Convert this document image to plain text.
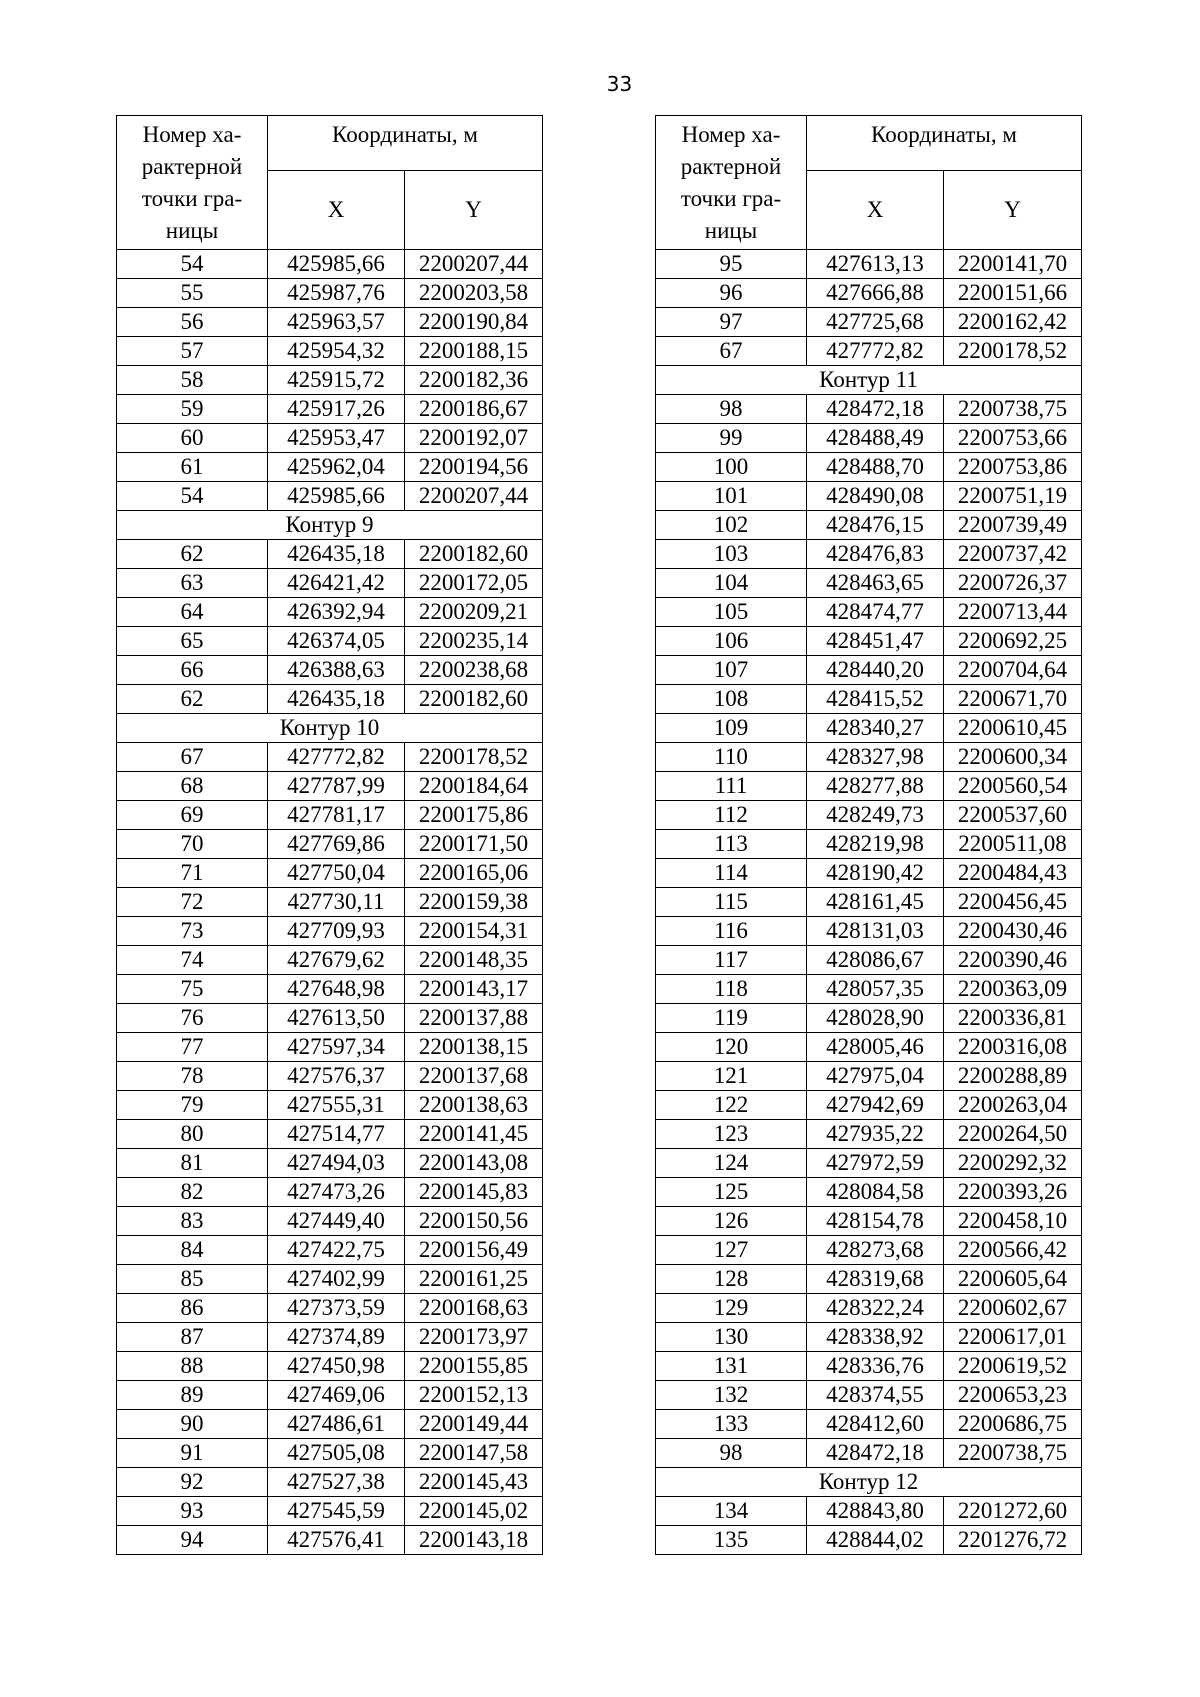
33
Номер ха-рактерной точки гра-ницы	Координаты, м	
	X	Y
54	425985,66	2200207,44
55	425987,76	2200203,58
56	425963,57	2200190,84
57	425954,32	2200188,15
58	425915,72	2200182,36
59	425917,26	2200186,67
60	425953,47	2200192,07
61	425962,04	2200194,56
54	425985,66	2200207,44
Контур 9		
62	426435,18	2200182,60
63	426421,42	2200172,05
64	426392,94	2200209,21
65	426374,05	2200235,14
66	426388,63	2200238,68
62	426435,18	2200182,60
Контур 10		
67	427772,82	2200178,52
68	427787,99	2200184,64
69	427781,17	2200175,86
70	427769,86	2200171,50
71	427750,04	2200165,06
72	427730,11	2200159,38
73	427709,93	2200154,31
74	427679,62	2200148,35
75	427648,98	2200143,17
76	427613,50	2200137,88
77	427597,34	2200138,15
78	427576,37	2200137,68
79	427555,31	2200138,63
80	427514,77	2200141,45
81	427494,03	2200143,08
82	427473,26	2200145,83
83	427449,40	2200150,56
84	427422,75	2200156,49
85	427402,99	2200161,25
86	427373,59	2200168,63
87	427374,89	2200173,97
88	427450,98	2200155,85
89	427469,06	2200152,13
90	427486,61	2200149,44
91	427505,08	2200147,58
92	427527,38	2200145,43
93	427545,59	2200145,02
94	427576,41	2200143,18
Номер ха-рактерной точки гра-ницы	Координаты, м	
	X	Y
95	427613,13	2200141,70
96	427666,88	2200151,66
97	427725,68	2200162,42
67	427772,82	2200178,52
Контур 11		
98	428472,18	2200738,75
99	428488,49	2200753,66
100	428488,70	2200753,86
101	428490,08	2200751,19
102	428476,15	2200739,49
103	428476,83	2200737,42
104	428463,65	2200726,37
105	428474,77	2200713,44
106	428451,47	2200692,25
107	428440,20	2200704,64
108	428415,52	2200671,70
109	428340,27	2200610,45
110	428327,98	2200600,34
111	428277,88	2200560,54
112	428249,73	2200537,60
113	428219,98	2200511,08
114	428190,42	2200484,43
115	428161,45	2200456,45
116	428131,03	2200430,46
117	428086,67	2200390,46
118	428057,35	2200363,09
119	428028,90	2200336,81
120	428005,46	2200316,08
121	427975,04	2200288,89
122	427942,69	2200263,04
123	427935,22	2200264,50
124	427972,59	2200292,32
125	428084,58	2200393,26
126	428154,78	2200458,10
127	428273,68	2200566,42
128	428319,68	2200605,64
129	428322,24	2200602,67
130	428338,92	2200617,01
131	428336,76	2200619,52
132	428374,55	2200653,23
133	428412,60	2200686,75
98	428472,18	2200738,75
Контур 12		
134	428843,80	2201272,60
135	428844,02	2201276,72
